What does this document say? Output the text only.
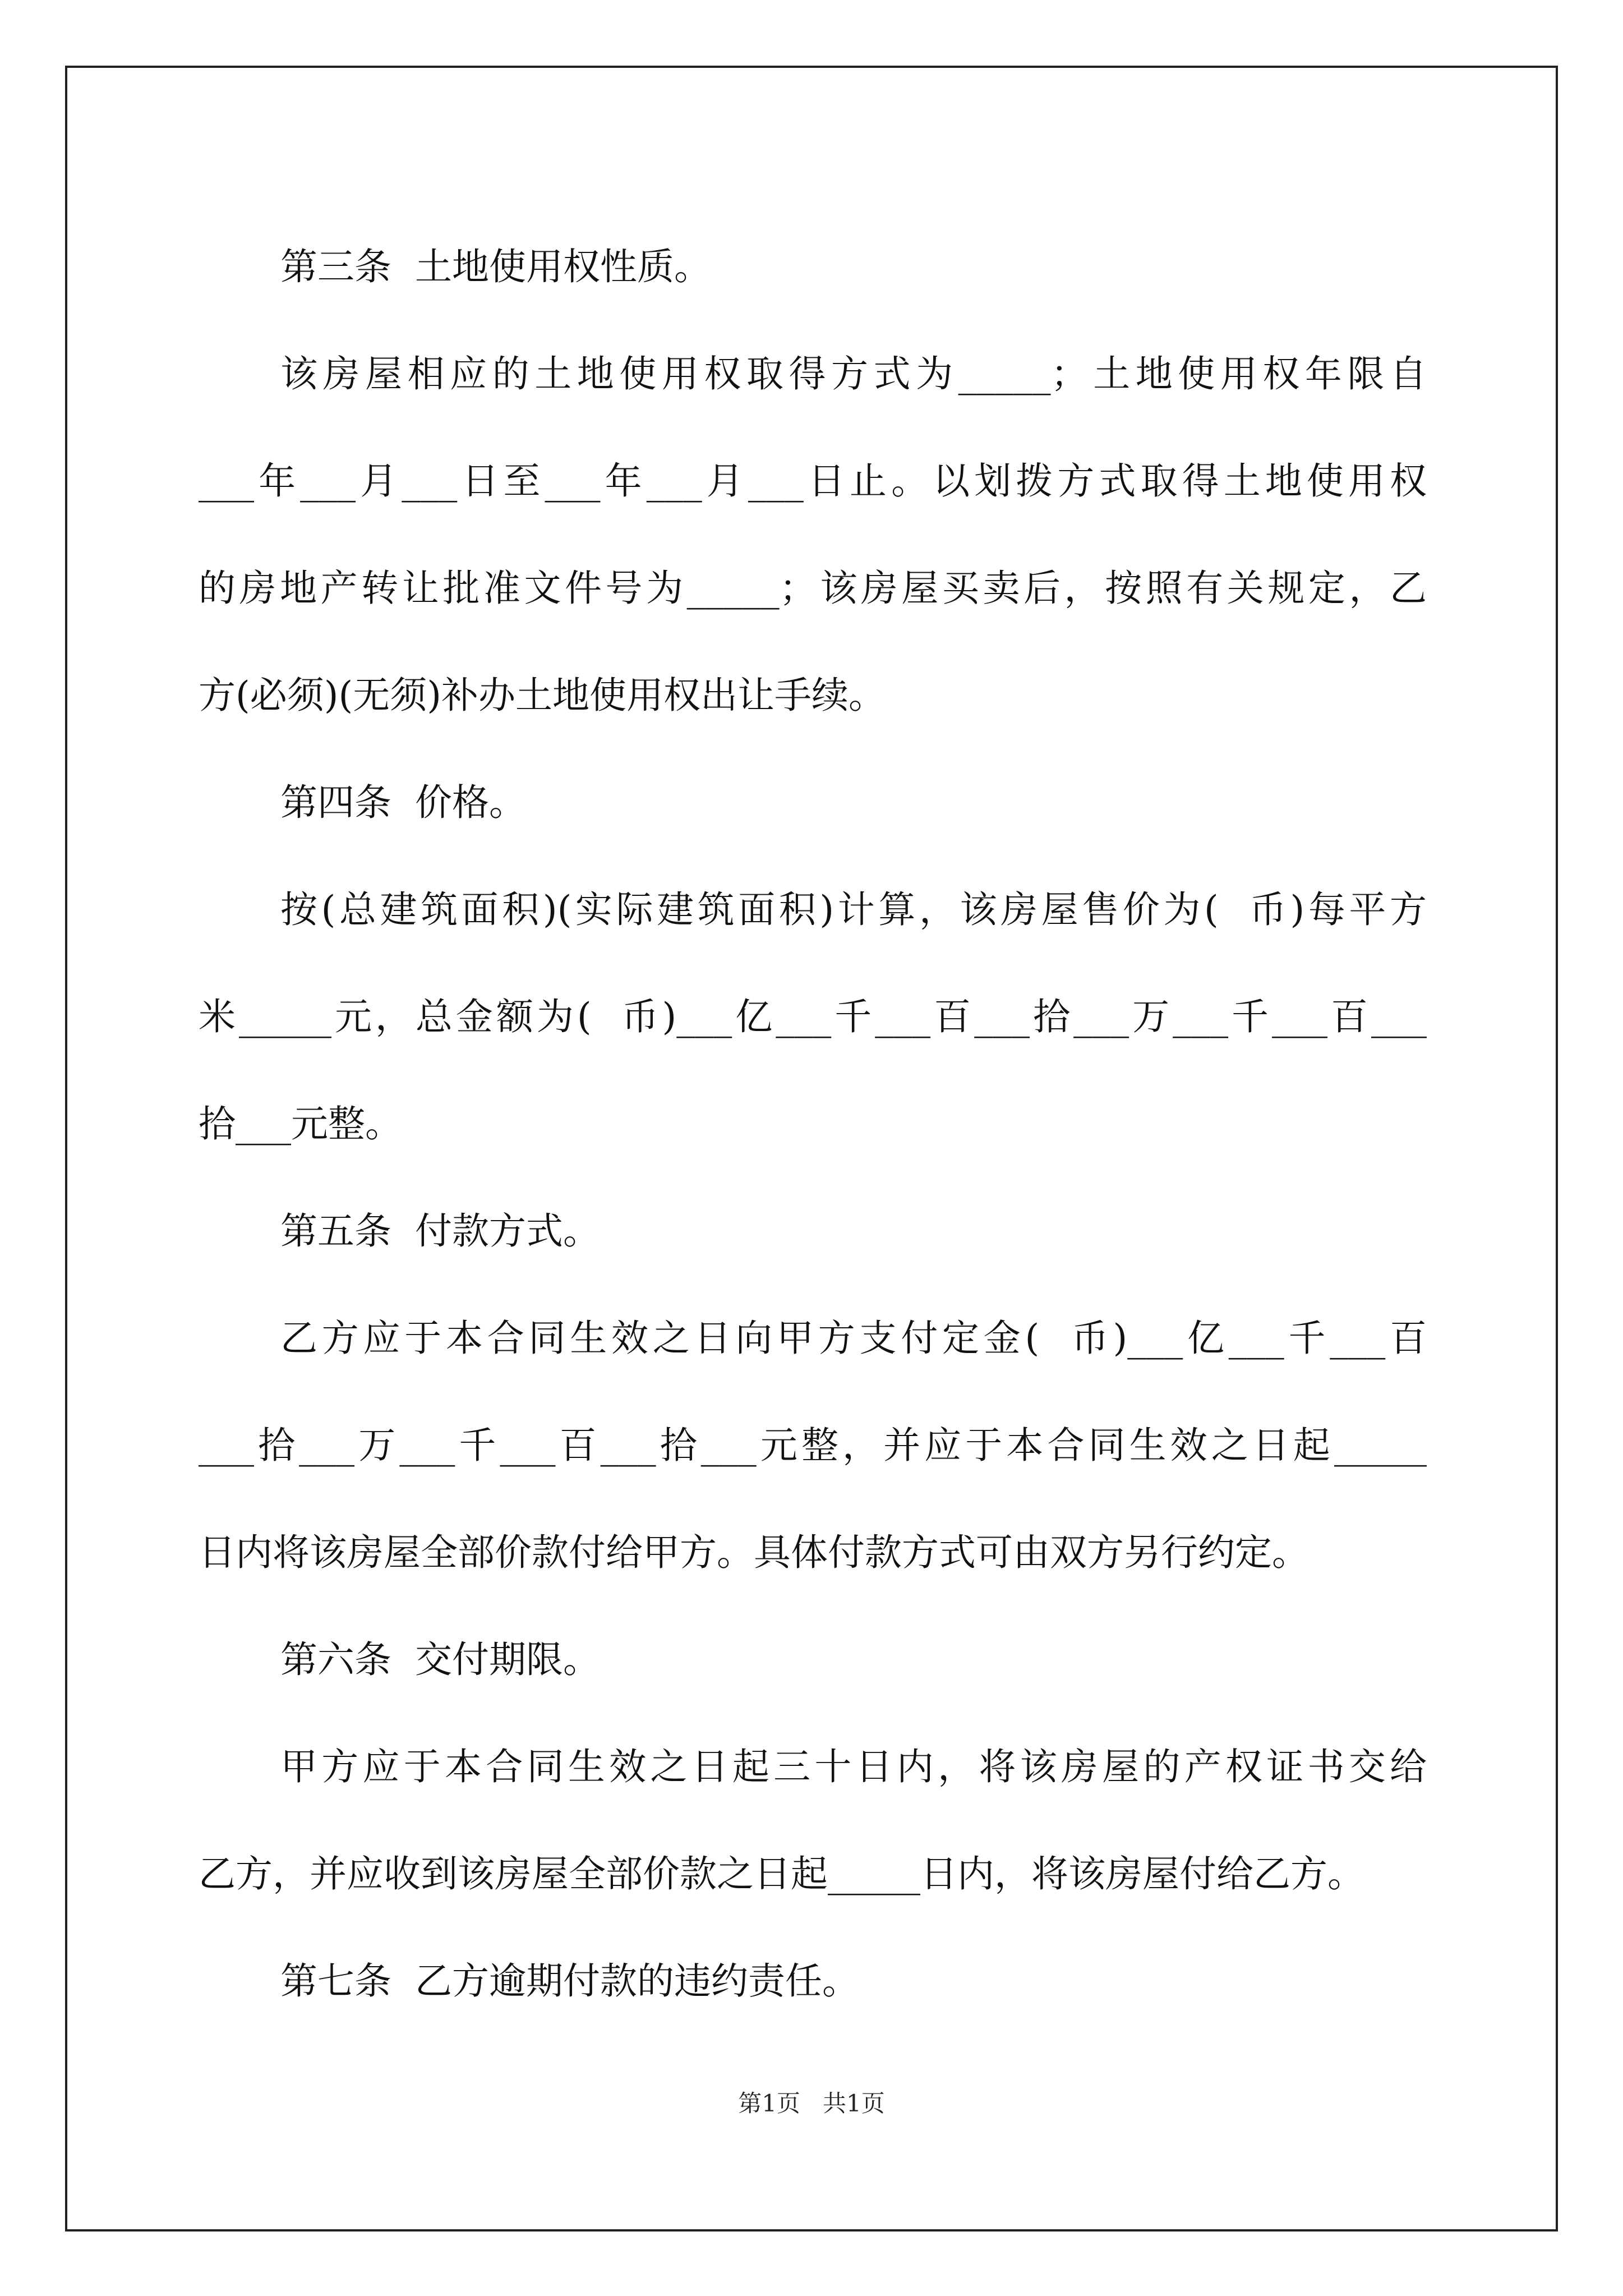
第三条  土地使用权性质。
该房屋相应的土地使用权取得方式为_____；土地使用权年限自
___年___月___日至___年___月___日止。以划拨方式取得土地使用权
的房地产转让批准文件号为_____；该房屋买卖后，按照有关规定，乙
方(必须)(无须)补办土地使用权出让手续。
第四条  价格。
按(总建筑面积)(实际建筑面积)计算，该房屋售价为(  币)每平方
米_____元，总金额为(  币)___亿___千___百___拾___万___千___百___
拾___元整。
第五条  付款方式。
乙方应于本合同生效之日向甲方支付定金(  币)___亿___千___百
___拾___万___千___百___拾___元整，并应于本合同生效之日起_____
日内将该房屋全部价款付给甲方。具体付款方式可由双方另行约定。
第六条  交付期限。
甲方应于本合同生效之日起三十日内，将该房屋的产权证书交给
乙方，并应收到该房屋全部价款之日起_____日内，将该房屋付给乙方。
第七条  乙方逾期付款的违约责任。
第1页   共1页
